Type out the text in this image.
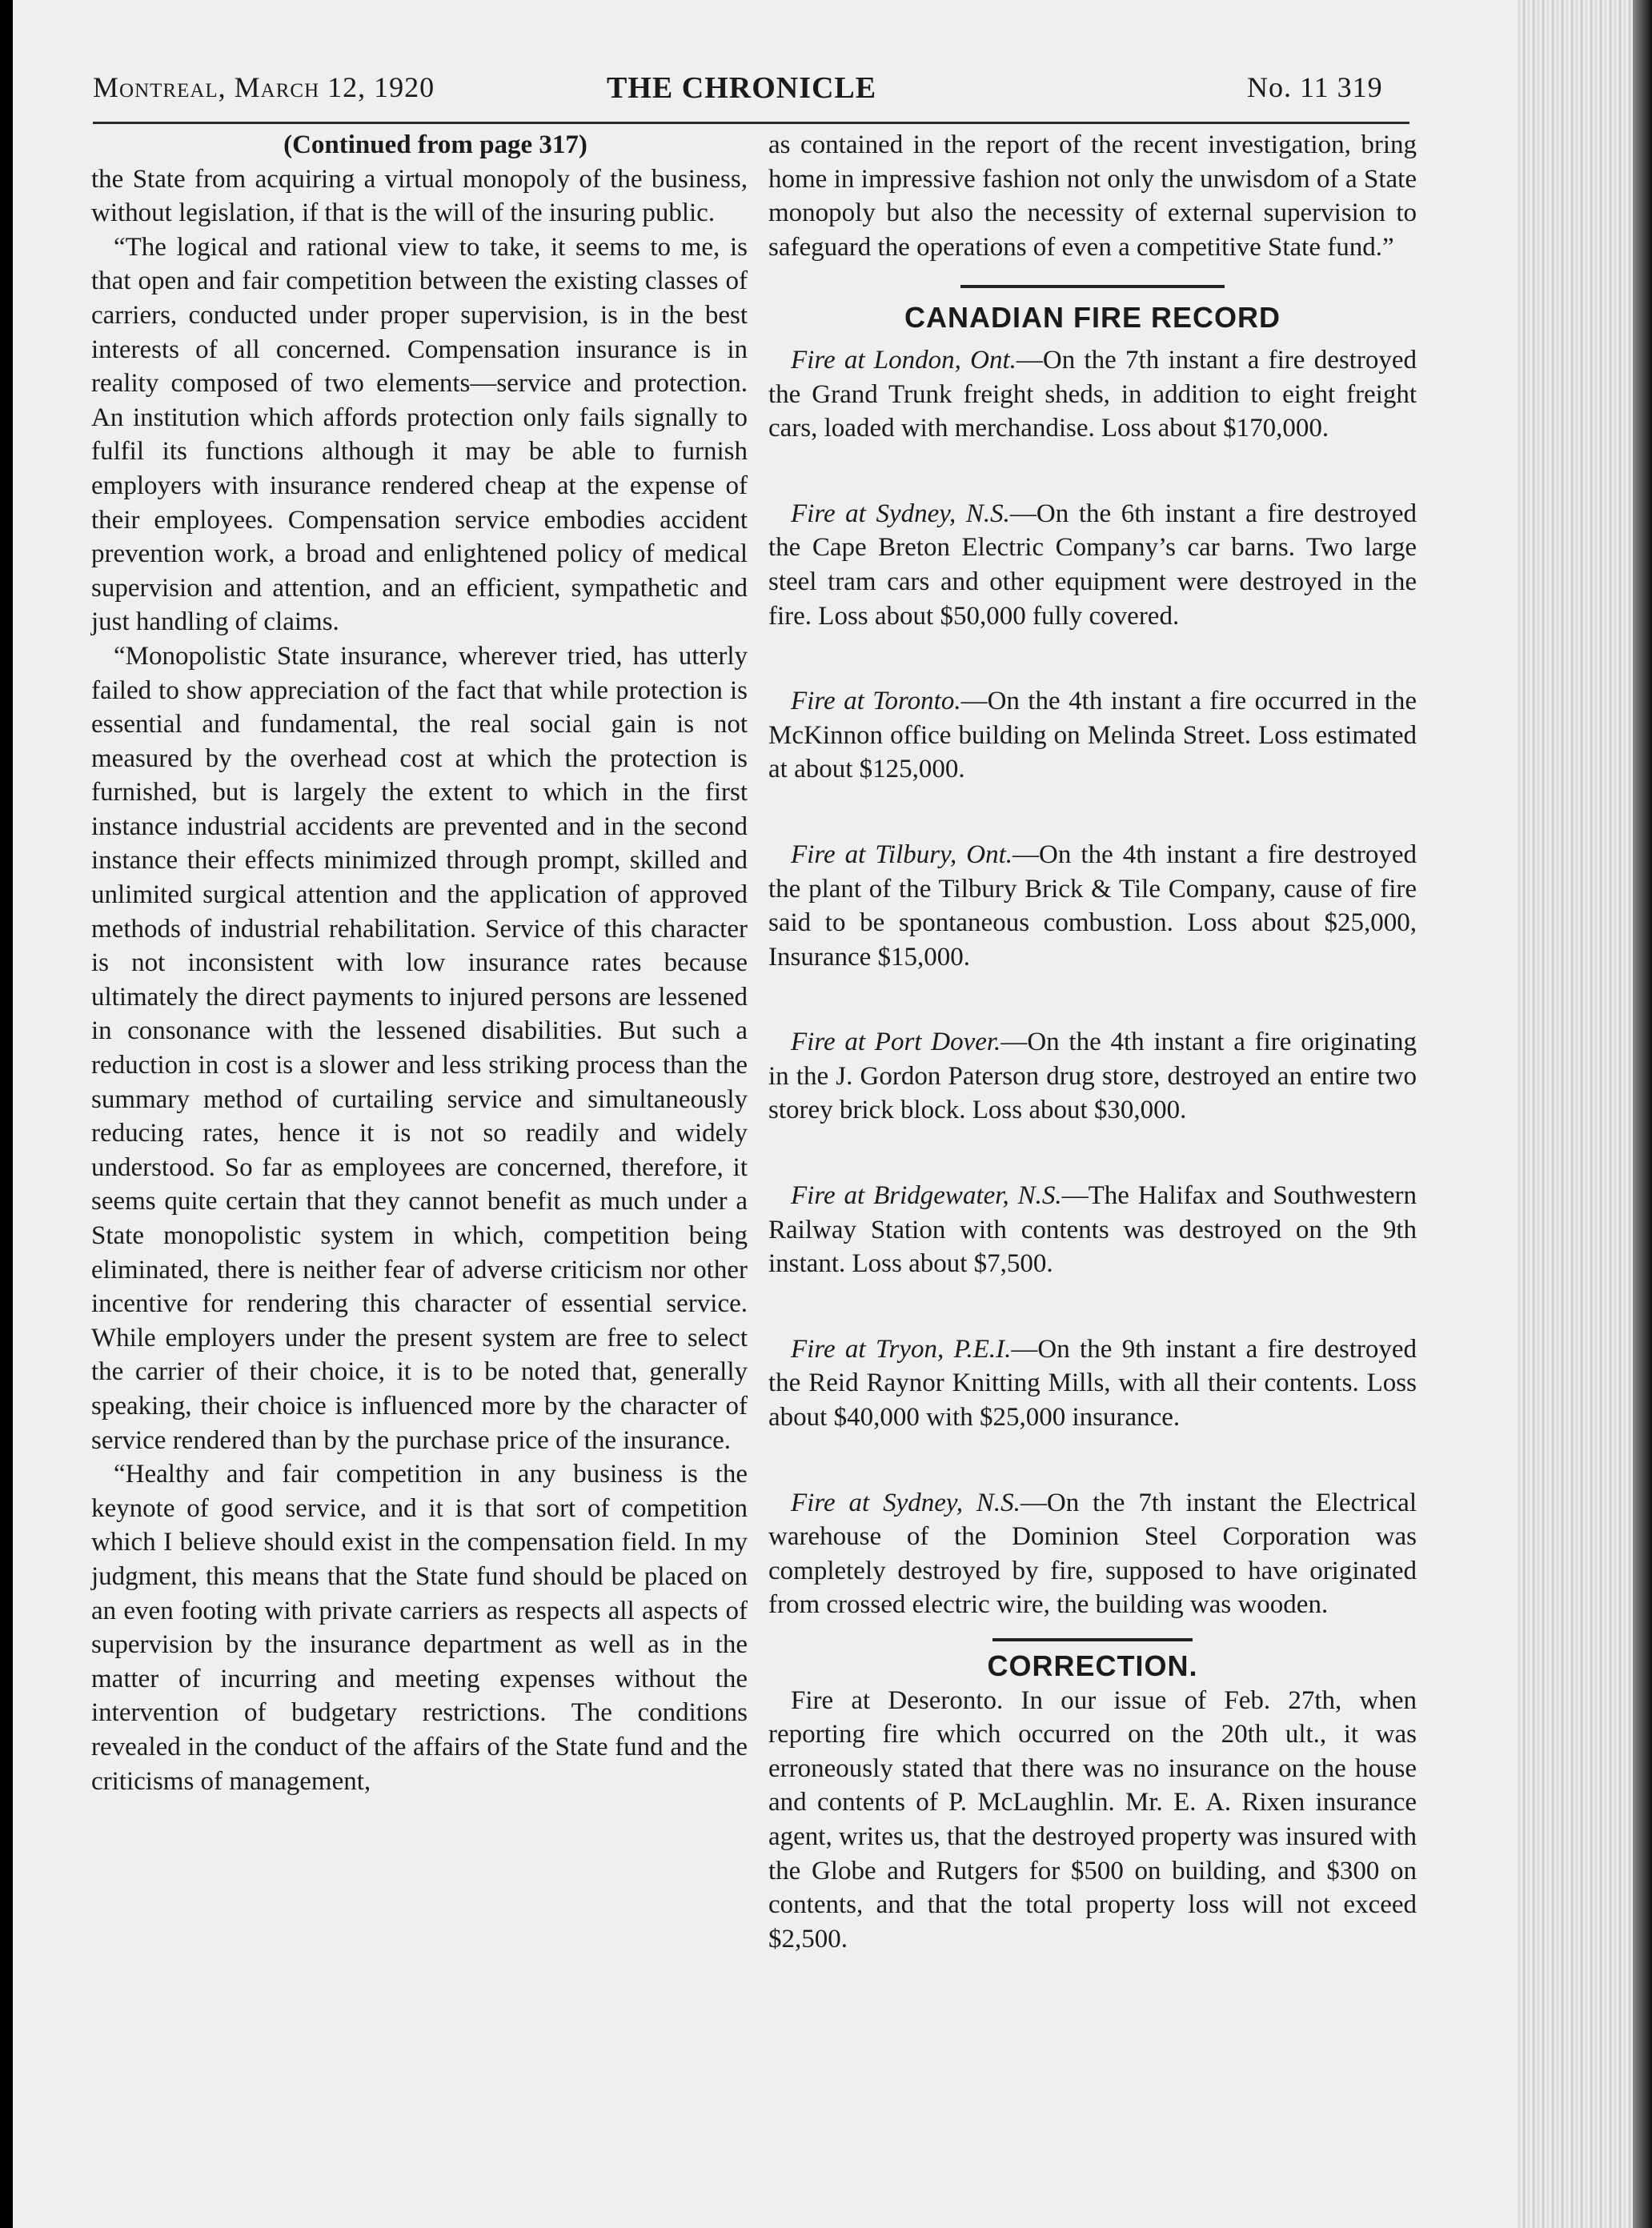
Montreal, March 12, 1920	THE CHRONICLE	No. 11 319

(Continued from page 317)

the State from acquiring a virtual monopoly of the business, without legislation, if that is the will of the insuring public.

“The logical and rational view to take, it seems to me, is that open and fair competition between the existing classes of carriers, conducted under proper supervision, is in the best interests of all concerned. Compensation insurance is in reality composed of two elements—service and protection. An institution which affords protection only fails signally to fulfil its functions although it may be able to furnish employers with insurance rendered cheap at the expense of their employees. Compensation service embodies accident prevention work, a broad and enlightened policy of medical supervision and attention, and an efficient, sympathetic and just handling of claims.

“Monopolistic State insurance, wherever tried, has utterly failed to show appreciation of the fact that while protection is essential and fundamental, the real social gain is not measured by the overhead cost at which the protection is furnished, but is largely the extent to which in the first instance industrial accidents are prevented and in the second instance their effects minimized through prompt, skilled and unlimited surgical attention and the application of approved methods of industrial rehabilitation. Service of this character is not inconsistent with low insurance rates because ultimately the direct payments to injured persons are lessened in consonance with the lessened disabilities. But such a reduction in cost is a slower and less striking process than the summary method of curtailing service and simultaneously reducing rates, hence it is not so readily and widely understood. So far as employees are concerned, therefore, it seems quite certain that they cannot benefit as much under a State monopolistic system in which, competition being eliminated, there is neither fear of adverse criticism nor other incentive for rendering this character of essential service. While employers under the present system are free to select the carrier of their choice, it is to be noted that, generally speaking, their choice is influenced more by the character of service rendered than by the purchase price of the insurance.

“Healthy and fair competition in any business is the keynote of good service, and it is that sort of competition which I believe should exist in the compensation field. In my judgment, this means that the State fund should be placed on an even footing with private carriers as respects all aspects of supervision by the insurance department as well as in the matter of incurring and meeting expenses without the intervention of budgetary restrictions. The conditions revealed in the conduct of the affairs of the State fund and the criticisms of management,

as contained in the report of the recent investigation, bring home in impressive fashion not only the unwisdom of a State monopoly but also the necessity of external supervision to safeguard the operations of even a competitive State fund.”

CANADIAN FIRE RECORD

Fire at London, Ont.—On the 7th instant a fire destroyed the Grand Trunk freight sheds, in addition to eight freight cars, loaded with merchandise. Loss about $170,000.

Fire at Sydney, N.S.—On the 6th instant a fire destroyed the Cape Breton Electric Company’s car barns. Two large steel tram cars and other equipment were destroyed in the fire. Loss about $50,000 fully covered.

Fire at Toronto.—On the 4th instant a fire occurred in the McKinnon office building on Melinda Street. Loss estimated at about $125,000.

Fire at Tilbury, Ont.—On the 4th instant a fire destroyed the plant of the Tilbury Brick & Tile Company, cause of fire said to be spontaneous combustion. Loss about $25,000, Insurance $15,000.

Fire at Port Dover.—On the 4th instant a fire originating in the J. Gordon Paterson drug store, destroyed an entire two storey brick block. Loss about $30,000.

Fire at Bridgewater, N.S.—The Halifax and Southwestern Railway Station with contents was destroyed on the 9th instant. Loss about $7,500.

Fire at Tryon, P.E.I.—On the 9th instant a fire destroyed the Reid Raynor Knitting Mills, with all their contents. Loss about $40,000 with $25,000 insurance.

Fire at Sydney, N.S.—On the 7th instant the Electrical warehouse of the Dominion Steel Corporation was completely destroyed by fire, supposed to have originated from crossed electric wire, the building was wooden.

CORRECTION.

Fire at Deseronto. In our issue of Feb. 27th, when reporting fire which occurred on the 20th ult., it was erroneously stated that there was no insurance on the house and contents of P. McLaughlin. Mr. E. A. Rixen insurance agent, writes us, that the destroyed property was insured with the Globe and Rutgers for $500 on building, and $300 on contents, and that the total property loss will not exceed $2,500.
